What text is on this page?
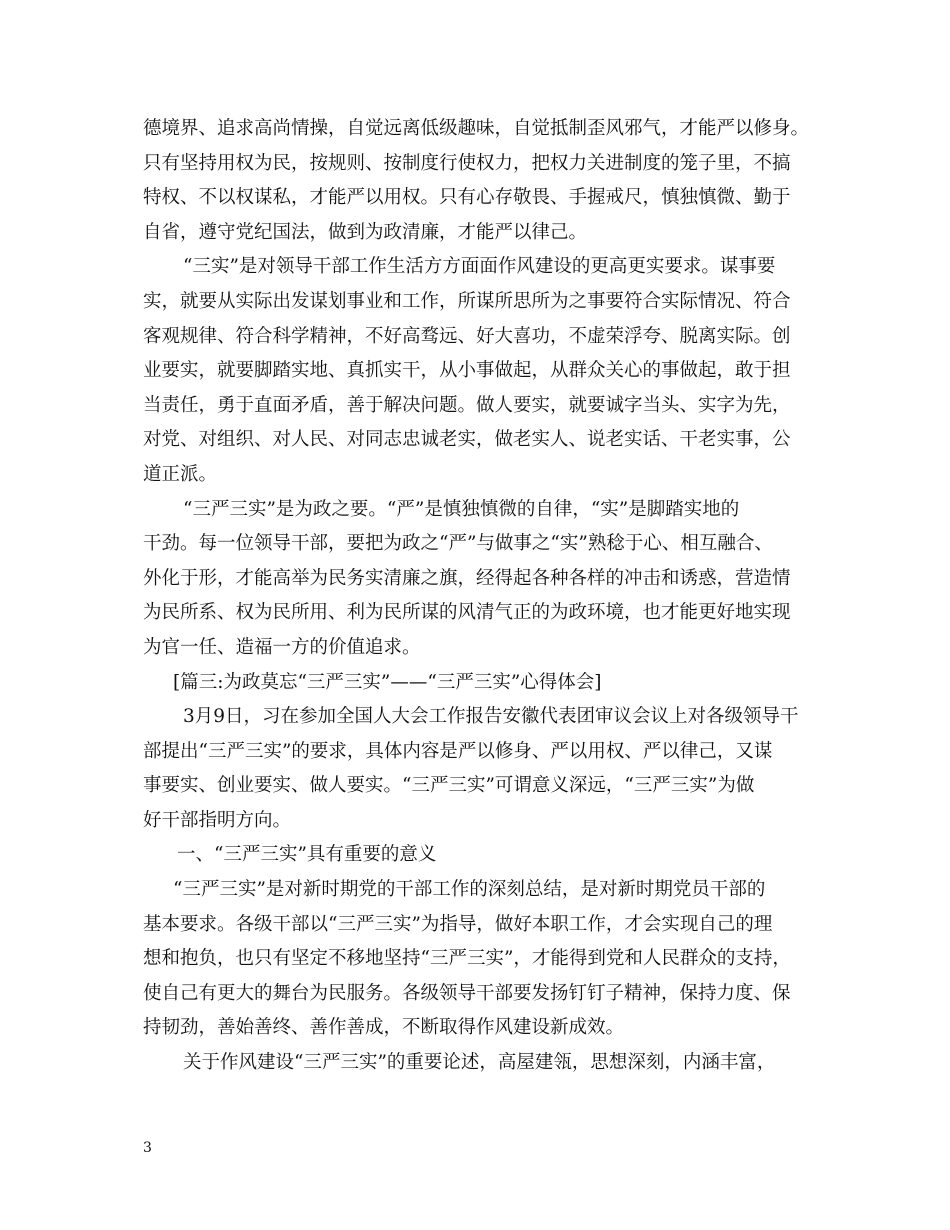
德境界、追求高尚情操，自觉远离低级趣味，自觉抵制歪风邪气，才能严以修身。
只有坚持用权为民，按规则、按制度行使权力，把权力关进制度的笼子里，不搞
特权、不以权谋私，才能严以用权。只有心存敬畏、手握戒尺，慎独慎微、勤于
自省，遵守党纪国法，做到为政清廉，才能严以律己。
“三实”是对领导干部工作生活方方面面作风建设的更高更实要求。谋事要
实，就要从实际出发谋划事业和工作，所谋所思所为之事要符合实际情况、符合
客观规律、符合科学精神，不好高骛远、好大喜功，不虚荣浮夸、脱离实际。创
业要实，就要脚踏实地、真抓实干，从小事做起，从群众关心的事做起，敢于担
当责任，勇于直面矛盾，善于解决问题。做人要实，就要诚字当头、实字为先，
对党、对组织、对人民、对同志忠诚老实，做老实人、说老实话、干老实事，公
道正派。
“三严三实”是为政之要。“严”是慎独慎微的自律，“实”是脚踏实地的
干劲。每一位领导干部，要把为政之“严”与做事之“实”熟稔于心、相互融合、
外化于形，才能高举为民务实清廉之旗，经得起各种各样的冲击和诱惑，营造情
为民所系、权为民所用、利为民所谋的风清气正的为政环境，也才能更好地实现
为官一任、造福一方的价值追求。
[篇三:为政莫忘“三严三实”——“三严三实”心得体会]
3月9日，习在参加全国人大会工作报告安徽代表团审议会议上对各级领导干
部提出“三严三实”的要求，具体内容是严以修身、严以用权、严以律己，又谋
事要实、创业要实、做人要实。“三严三实”可谓意义深远，“三严三实”为做
好干部指明方向。
一、“三严三实”具有重要的意义
“三严三实”是对新时期党的干部工作的深刻总结，是对新时期党员干部的
基本要求。各级干部以“三严三实”为指导，做好本职工作，才会实现自己的理
想和抱负，也只有坚定不移地坚持“三严三实”，才能得到党和人民群众的支持，
使自己有更大的舞台为民服务。各级领导干部要发扬钉钉子精神，保持力度、保
持韧劲，善始善终、善作善成，不断取得作风建设新成效。
关于作风建设“三严三实”的重要论述，高屋建瓴，思想深刻，内涵丰富，
3
